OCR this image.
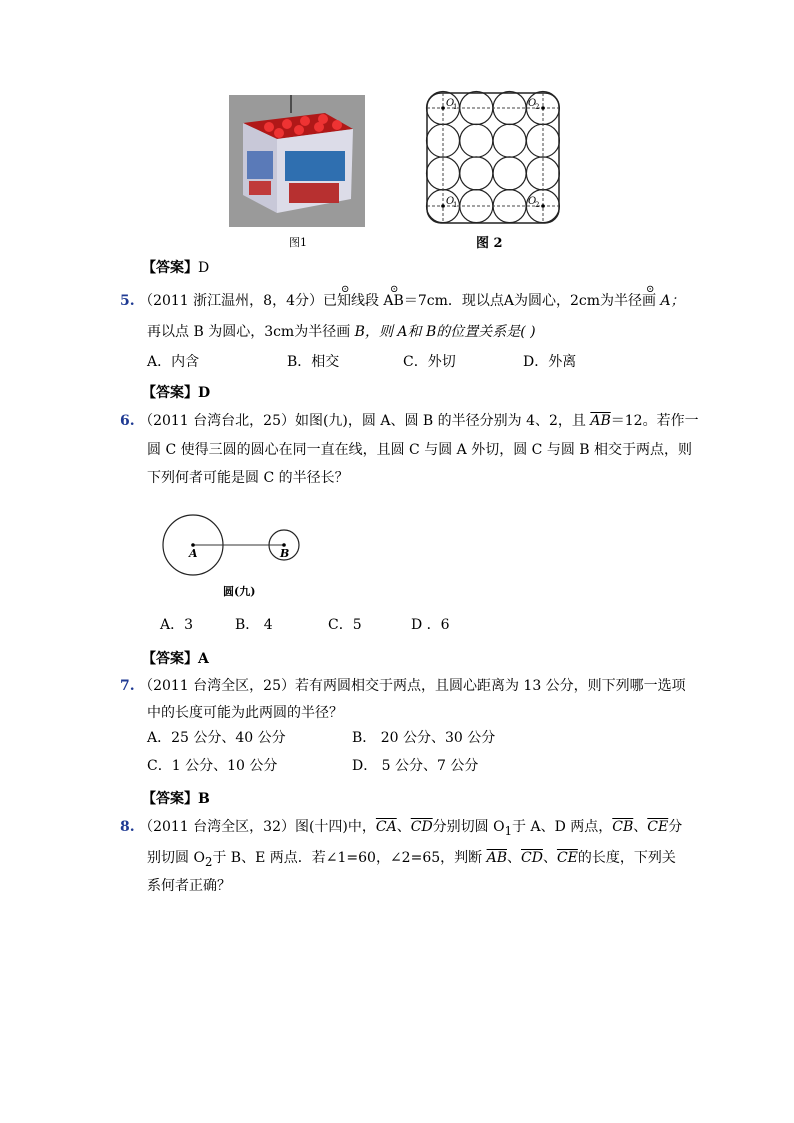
图1
O
1	O
2
O
1	O
2
图 2
【答案】D
5. （2011 浙江温州，8，4分）已知线段 AB＝7cm．现以点A为圆心，2cm为半径画 A；
⊙	⊙	⊙
再以点 B 为圆心，3cm为半径画 B，则 A和 B的位置关系是( )
A．内含	B．相交	C．外切	D．外离
【答案】D
6. （2011 台湾台北，25）如图(九)，圆 A、圆 B 的半径分别为 4、2，且 $\overline{AB}=12$。若作一
圆 C 使得三圆的圆心在同一直在线，且圆 C 与圆 A 外切，圆 C 与圆 B 相交于两点，则
下列何者可能是圆 C 的半径长？
A	B
圆(九)
A．3	B． 4	C．5	D ．6
【答案】A
7. （2011 台湾全区，25）若有两圆相交于两点，且圆心距离为 13 公分，则下列哪一选项
中的长度可能为此两圆的半径？
A．25 公分、40 公分	B． 20 公分、30 公分
C．1 公分、10 公分	D． 5 公分、7 公分
【答案】B
8. （2011 台湾全区，32）图(十四)中，$\overline{CA}$、$\overline{CD}$分别切圆 $O_1$于 A、D 两点，$\overline{CB}$、$\overline{CE}$分
别切圆 $O_2$于 B、E 两点．若∠1=60，∠2=65，判断 $\overline{AB}$、$\overline{CD}$、$\overline{CE}$的长度，下列关
系何者正确？
